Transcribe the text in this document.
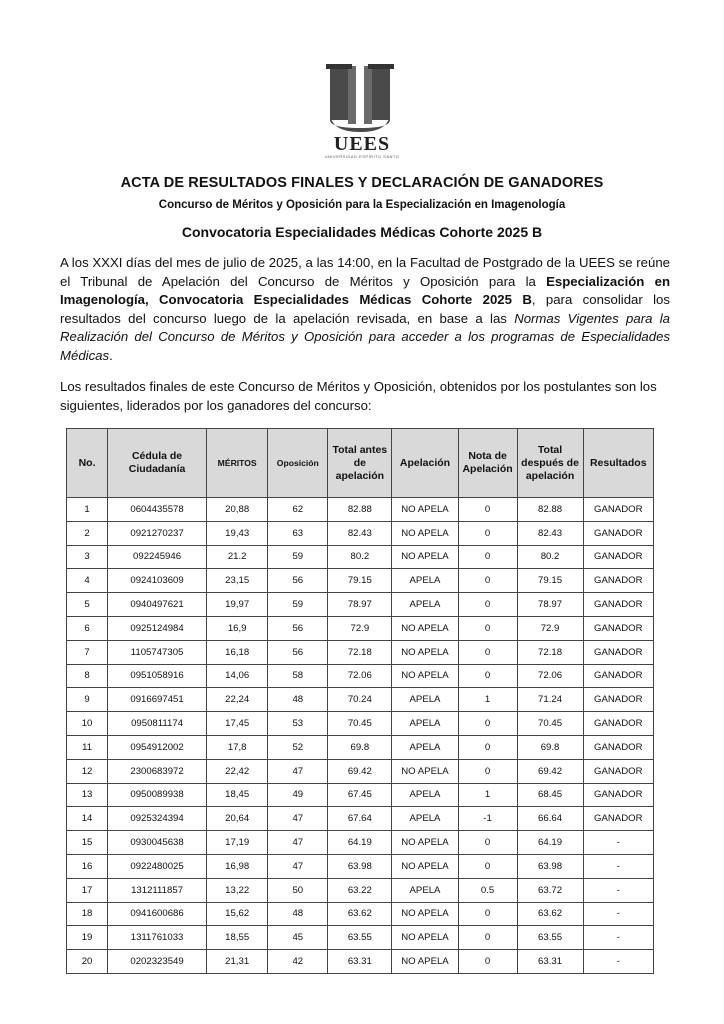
UEES
UNIVERSIDAD ESPÍRITU SANTO
ACTA DE RESULTADOS FINALES Y DECLARACIÓN DE GANADORES
Concurso de Méritos y Oposición para la Especialización en Imagenología
Convocatoria Especialidades Médicas Cohorte 2025 B
A los XXXI días del mes de julio de 2025, a las 14:00, en la Facultad de Postgrado de la UEES se reúne el Tribunal de Apelación del Concurso de Méritos y Oposición para la Especialización en Imagenología, Convocatoria Especialidades Médicas Cohorte 2025 B, para consolidar los resultados del concurso luego de la apelación revisada, en base a las Normas Vigentes para la Realización del Concurso de Méritos y Oposición para acceder a los programas de Especialidades Médicas.
Los resultados finales de este Concurso de Méritos y Oposición, obtenidos por los postulantes son los siguientes, liderados por los ganadores del concurso:
No.	Cédula de Ciudadanía	MÉRITOS	Oposición	Total antes de apelación	Apelación	Nota de Apelación	Total después de apelación	Resultados
1	0604435578	20,88	62	82.88	NO APELA	0	82.88	GANADOR
2	0921270237	19,43	63	82.43	NO APELA	0	82.43	GANADOR
3	092245946	21.2	59	80.2	NO APELA	0	80.2	GANADOR
4	0924103609	23,15	56	79.15	APELA	0	79.15	GANADOR
5	0940497621	19,97	59	78.97	APELA	0	78.97	GANADOR
6	0925124984	16,9	56	72.9	NO APELA	0	72.9	GANADOR
7	1105747305	16,18	56	72.18	NO APELA	0	72.18	GANADOR
8	0951058916	14,06	58	72.06	NO APELA	0	72.06	GANADOR
9	0916697451	22,24	48	70.24	APELA	1	71.24	GANADOR
10	0950811174	17,45	53	70.45	APELA	0	70.45	GANADOR
11	0954912002	17,8	52	69.8	APELA	0	69.8	GANADOR
12	2300683972	22,42	47	69.42	NO APELA	0	69.42	GANADOR
13	0950089938	18,45	49	67.45	APELA	1	68.45	GANADOR
14	0925324394	20,64	47	67.64	APELA	-1	66.64	GANADOR
15	0930045638	17,19	47	64.19	NO APELA	0	64.19	-
16	0922480025	16,98	47	63.98	NO APELA	0	63.98	-
17	1312111857	13,22	50	63.22	APELA	0.5	63.72	-
18	0941600686	15,62	48	63.62	NO APELA	0	63.62	-
19	1311761033	18,55	45	63.55	NO APELA	0	63.55	-
20	0202323549	21,31	42	63.31	NO APELA	0	63.31	-
